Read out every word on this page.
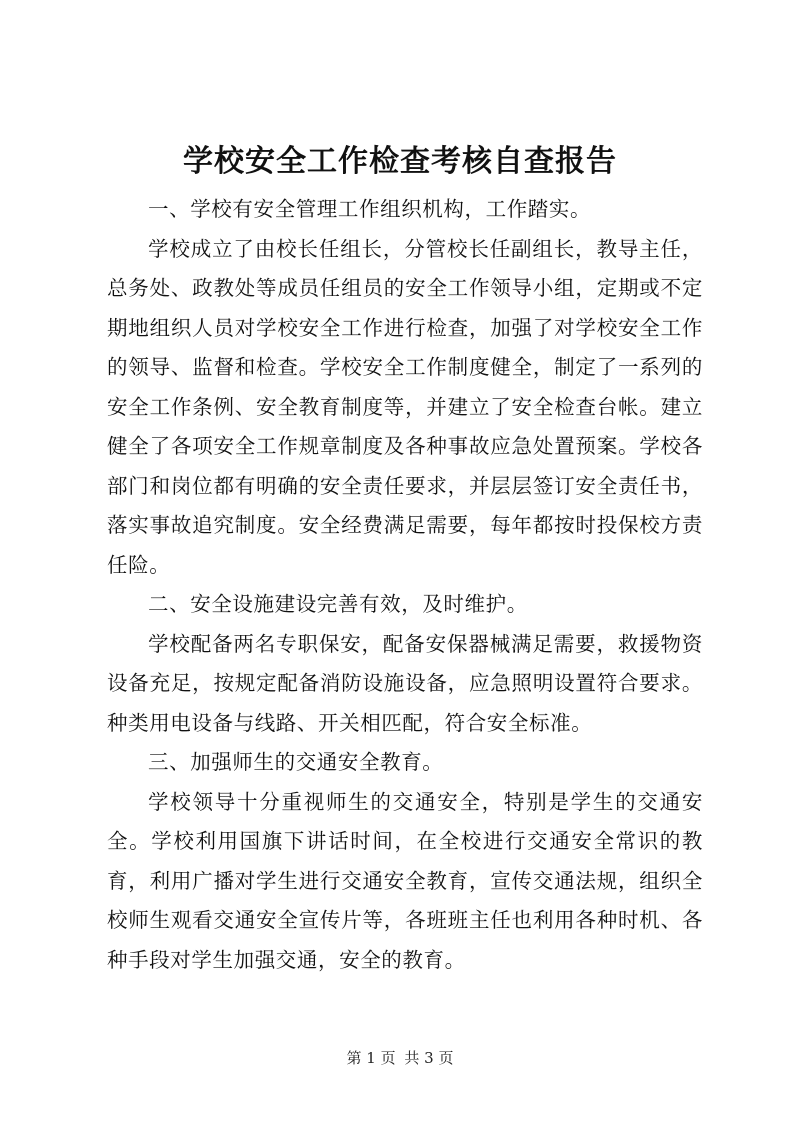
学校安全工作检查考核自查报告

一、学校有安全管理工作组织机构，工作踏实。

学校成立了由校长任组长，分管校长任副组长，教导主任，总务处、政教处等成员任组员的安全工作领导小组，定期或不定期地组织人员对学校安全工作进行检查，加强了对学校安全工作的领导、监督和检查。学校安全工作制度健全，制定了一系列的安全工作条例、安全教育制度等，并建立了安全检查台帐。建立健全了各项安全工作规章制度及各种事故应急处置预案。学校各部门和岗位都有明确的安全责任要求，并层层签订安全责任书，落实事故追究制度。安全经费满足需要，每年都按时投保校方责任险。

二、安全设施建设完善有效，及时维护。

学校配备两名专职保安，配备安保器械满足需要，救援物资设备充足，按规定配备消防设施设备，应急照明设置符合要求。种类用电设备与线路、开关相匹配，符合安全标准。

三、加强师生的交通安全教育。

学校领导十分重视师生的交通安全，特别是学生的交通安全。学校利用国旗下讲话时间，在全校进行交通安全常识的教育，利用广播对学生进行交通安全教育，宣传交通法规，组织全校师生观看交通安全宣传片等，各班班主任也利用各种时机、各种手段对学生加强交通，安全的教育。

第 1 页 共 3 页
